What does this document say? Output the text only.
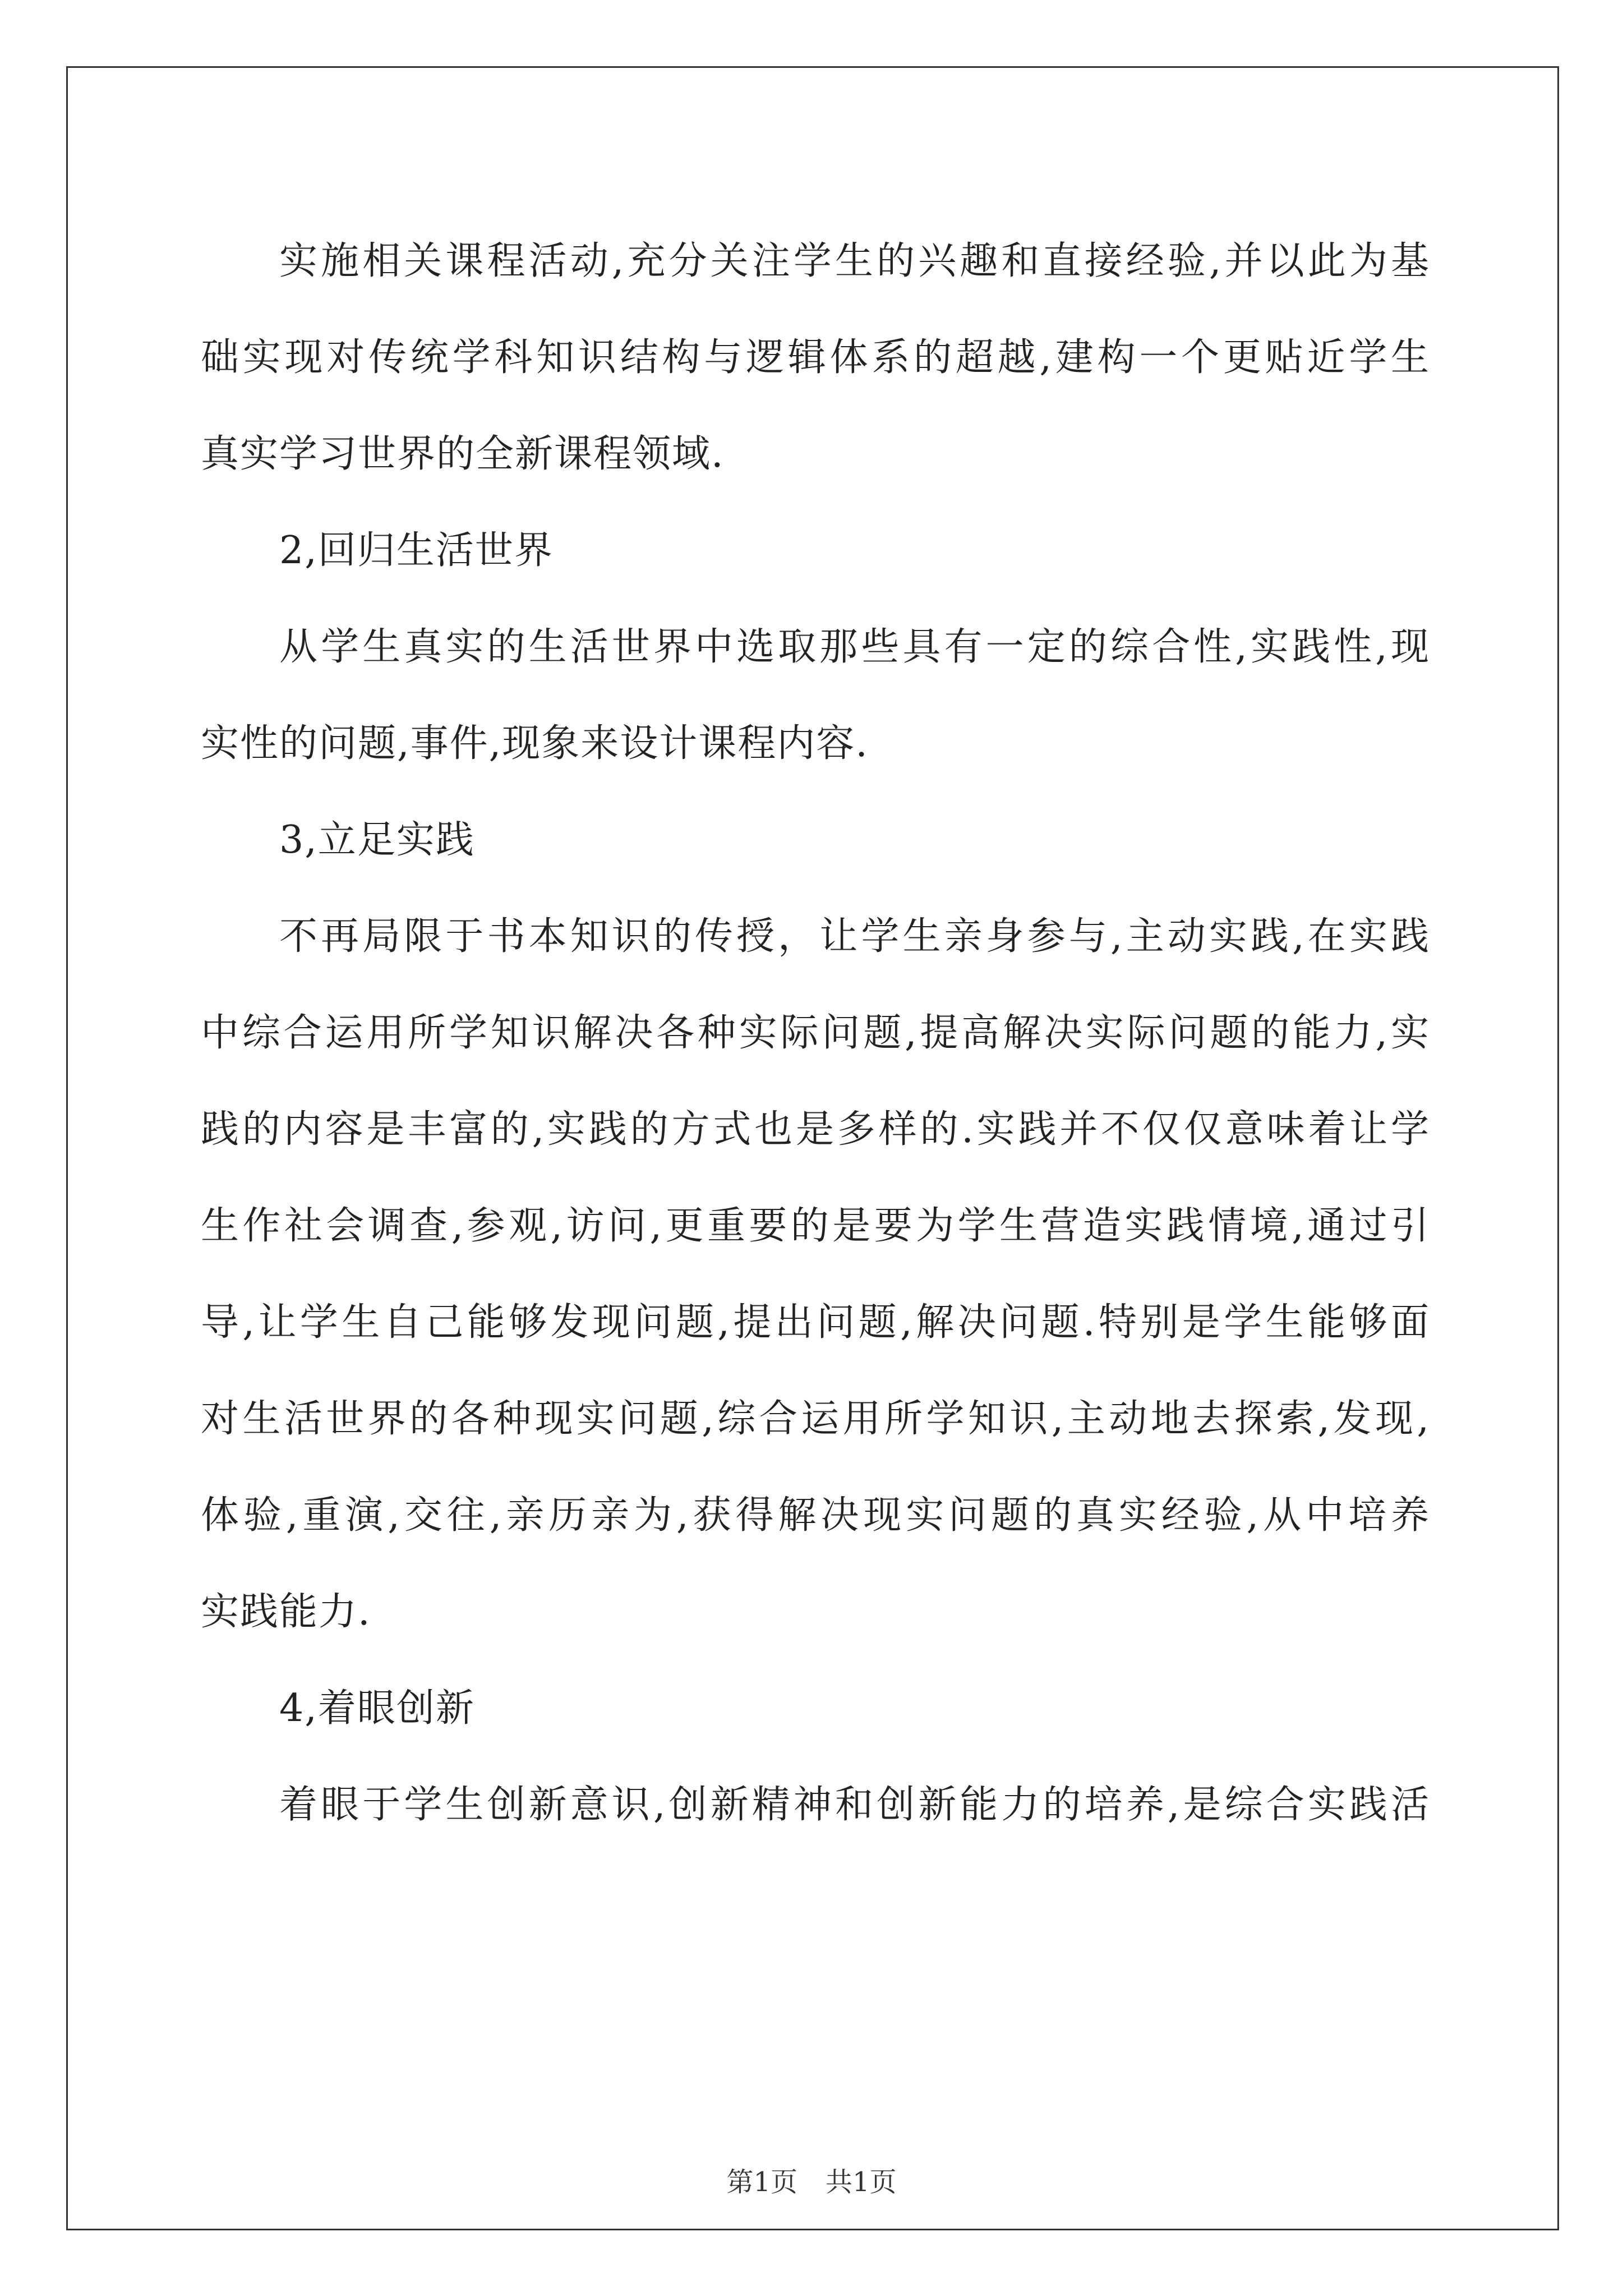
实施相关课程活动,充分关注学生的兴趣和直接经验,并以此为基
础实现对传统学科知识结构与逻辑体系的超越,建构一个更贴近学生
真实学习世界的全新课程领域.
2,回归生活世界
从学生真实的生活世界中选取那些具有一定的综合性,实践性,现
实性的问题,事件,现象来设计课程内容.
3,立足实践
不再局限于书本知识的传授，让学生亲身参与,主动实践,在实践
中综合运用所学知识解决各种实际问题,提高解决实际问题的能力,实
践的内容是丰富的,实践的方式也是多样的.实践并不仅仅意味着让学
生作社会调查,参观,访问,更重要的是要为学生营造实践情境,通过引
导,让学生自己能够发现问题,提出问题,解决问题.特别是学生能够面
对生活世界的各种现实问题,综合运用所学知识,主动地去探索,发现,
体验,重演,交往,亲历亲为,获得解决现实问题的真实经验,从中培养
实践能力.
4,着眼创新
着眼于学生创新意识,创新精神和创新能力的培养,是综合实践活
第1页 共1页
